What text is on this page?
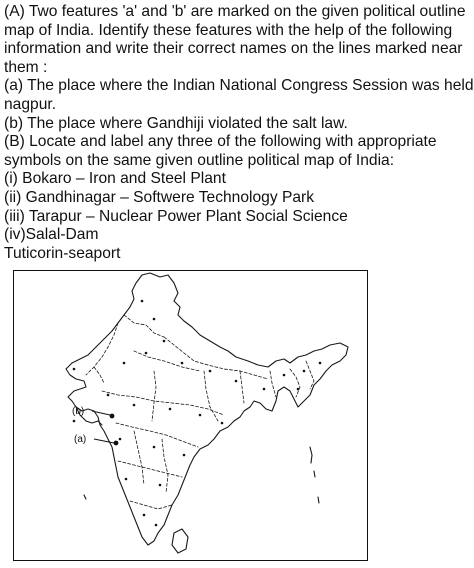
(A) Two features 'a' and 'b' are marked on the given political outline
map of India. Identify these features with the help of the following
information and write their correct names on the lines marked near
them :
(a) The place where the Indian National Congress Session was held
nagpur.
(b) The place where Gandhiji violated the salt law.
(B) Locate and label any three of the following with appropriate
symbols on the same given outline political map of India:
(i) Bokaro – Iron and Steel Plant
(ii) Gandhinagar – Softwere Technology Park
(iii) Tarapur – Nuclear Power Plant Social Science
(iv)Salal-Dam
Tuticorin-seaport
(b)
(a)
